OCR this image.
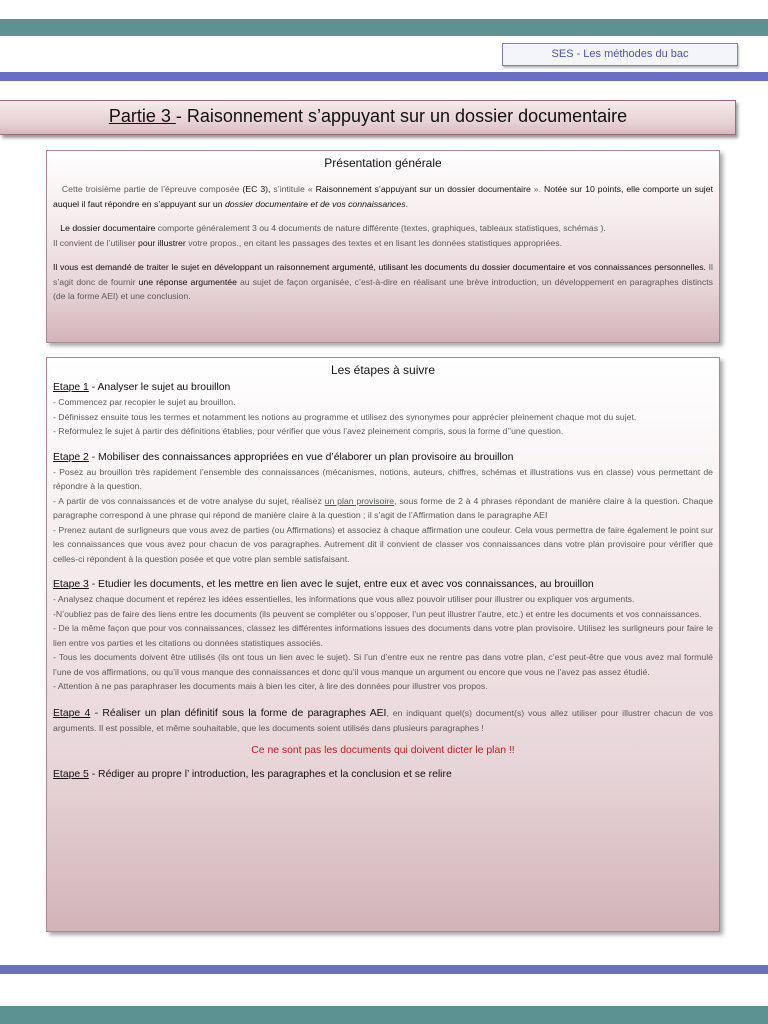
SES - Les méthodes du bac
Partie 3 - Raisonnement s’appuyant sur un dossier documentaire
Présentation générale

Cette troisième partie de l’épreuve composée (EC 3), s’intitule « Raisonnement s’appuyant sur un dossier documentaire ». Notée sur 10 points, elle comporte un sujet auquel il faut répondre en s’appuyant sur un dossier documentaire et de vos connaissances.

Le dossier documentaire comporte généralement 3 ou 4 documents de nature différente (textes, graphiques, tableaux statistiques, schémas ).
Il convient de l’utiliser pour illustrer votre propos., en citant les passages des textes et en lisant les données statistiques appropriées.

Il vous est demandé de traiter le sujet en développant un raisonnement argumenté, utilisant les documents du dossier documentaire et vos connaissances personnelles. Il s’agit donc de fournir une réponse argumentée au sujet de façon organisée, c’est-à-dire en réalisant une brève introduction, un développement en paragraphes distincts (de la forme AEI) et une conclusion.

Les étapes à suivre

Etape 1 - Analyser le sujet au brouillon

- Commencez par recopier le sujet au brouillon.

- Définissez ensuite tous les termes et notamment les notions au programme et utilisez des synonymes pour apprécier pleinement chaque mot du sujet.

- Reformulez le sujet à partir des définitions établies, pour vérifier que vous l’avez pleinement compris, sous la forme d’’une question.

Etape 2 - Mobiliser des connaissances appropriées en vue d’élaborer un plan provisoire au brouillon

- Posez au brouillon très rapidement l’ensemble des connaissances (mécanismes, notions, auteurs, chiffres, schémas et illustrations vus en classe) vous permettant de répondre à la question.

- A partir de vos connaissances et de votre analyse du sujet, réalisez un plan provisoire, sous forme de 2 à 4 phrases répondant de manière claire à la question. Chaque paragraphe correspond à une phrase qui répond de manière claire à la question ; il s’agit de l’Affirmation dans le paragraphe AEI

- Prenez autant de surligneurs que vous avez de parties (ou Affirmations) et associez à chaque affirmation une couleur. Cela vous permettra de faire également le point sur les connaissances que vous avez pour chacun de vos paragraphes. Autrement dit il convient de classer vos connaissances dans votre plan provisoire pour vérifier que celles-ci répondent à la question posée et que votre plan semble satisfaisant.

Etape 3 - Etudier les documents, et les mettre en lien avec le sujet, entre eux et avec vos connaissances, au brouillon

- Analysez chaque document et repérez les idées essentielles, les informations que vous allez pouvoir utiliser pour illustrer ou expliquer vos arguments.

-N’oubliez pas de faire des liens entre les documents (ils peuvent se compléter ou s’opposer, l’un peut illustrer l’autre, etc.) et entre les documents et vos connaissances.

- De la même façon que pour vos connaissances, classez les différentes informations issues des documents dans votre plan provisoire. Utilisez les surligneurs pour faire le lien entre vos parties et les citations ou données statistiques associés.

- Tous les documents doivent être utilisés (ils ont tous un lien avec le sujet). Si l’un d’entre eux ne rentre pas dans votre plan, c’est peut-être que vous avez mal formulé l’une de vos affirmations, ou qu’il vous manque des connaissances et donc qu’il vous manque un argument ou encore que vous ne l’avez pas assez étudié.

- Attention à ne pas paraphraser les documents mais à bien les citer, à lire des données pour illustrer vos propos.

Etape 4 - Réaliser un plan définitif sous la forme de paragraphes AEI, en indiquant quel(s) document(s) vous allez utiliser pour illustrer chacun de vos arguments. Il est possible, et même souhaitable, que les documents soient utilisés dans plusieurs paragraphes !

Ce ne sont pas les documents qui doivent dicter le plan !!

Etape 5 - Rédiger au propre l’ introduction, les paragraphes et la conclusion et se relire
